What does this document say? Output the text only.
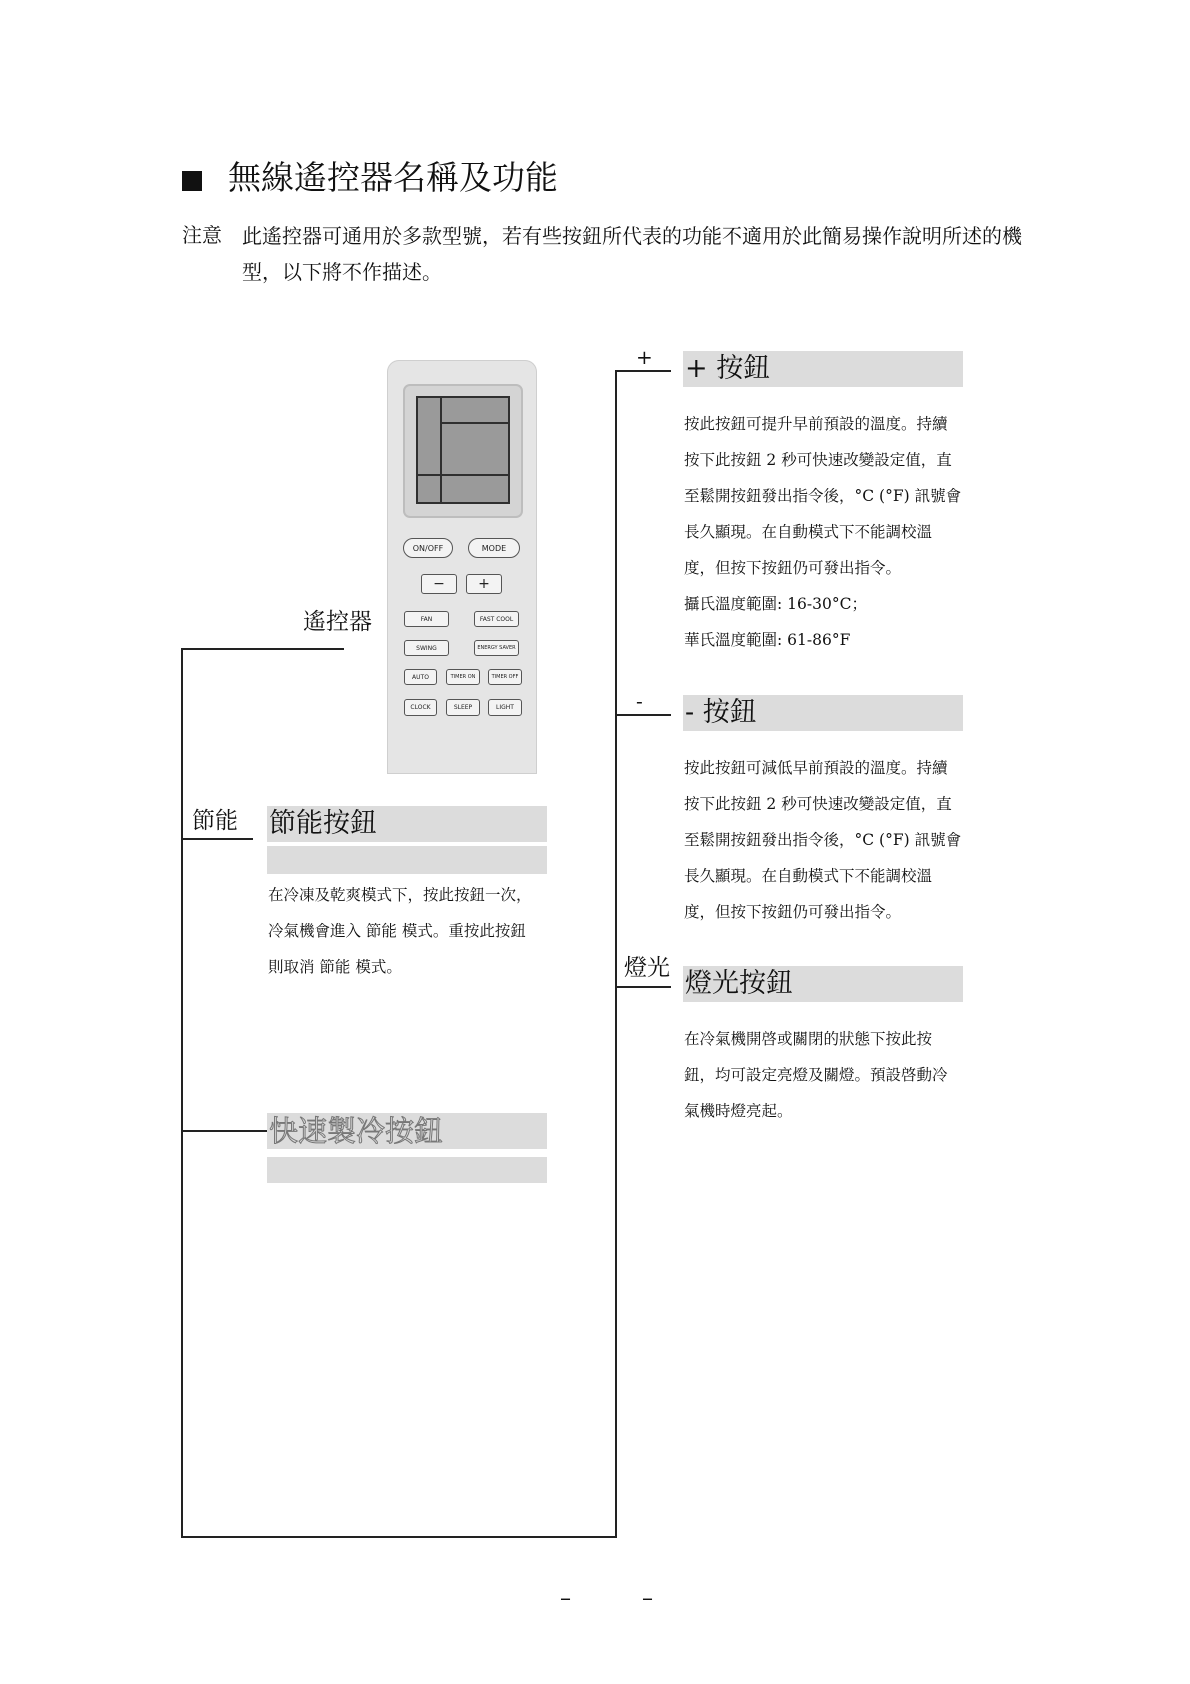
無線遙控器名稱及功能
注意 此遙控器可通用於多款型號，若有些按鈕所代表的功能不適用於此簡易操作說明所述的機型，以下將不作描述。
ON/OFF	MODE
−	+
FAN	FAST COOL
SWING	ENERGY SAVER
AUTO	TIMER ON	TIMER OFF
CLOCK	SLEEP	LIGHT
遙控器
+ + 按鈕
按此按鈕可提升早前預設的溫度。持續
按下此按鈕 2 秒可快速改變設定值，直
至鬆開按鈕發出指令後，°C (°F) 訊號會
長久顯現。在自動模式下不能調校溫
度，但按下按鈕仍可發出指令。
攝氏溫度範圍: 16-30°C；
華氏溫度範圍: 61-86°F
- - 按鈕
按此按鈕可減低早前預設的溫度。持續
按下此按鈕 2 秒可快速改變設定值，直
至鬆開按鈕發出指令後，°C (°F) 訊號會
長久顯現。在自動模式下不能調校溫
度，但按下按鈕仍可發出指令。
燈光 燈光按鈕
在冷氣機開啓或關閉的狀態下按此按
鈕，均可設定亮燈及關燈。預設啓動冷
氣機時燈亮起。
節能 節能按鈕
在冷凍及乾爽模式下，按此按鈕一次，
冷氣機會進入 節能 模式。重按此按鈕
則取消 節能 模式。
快速製冷按鈕
– –
